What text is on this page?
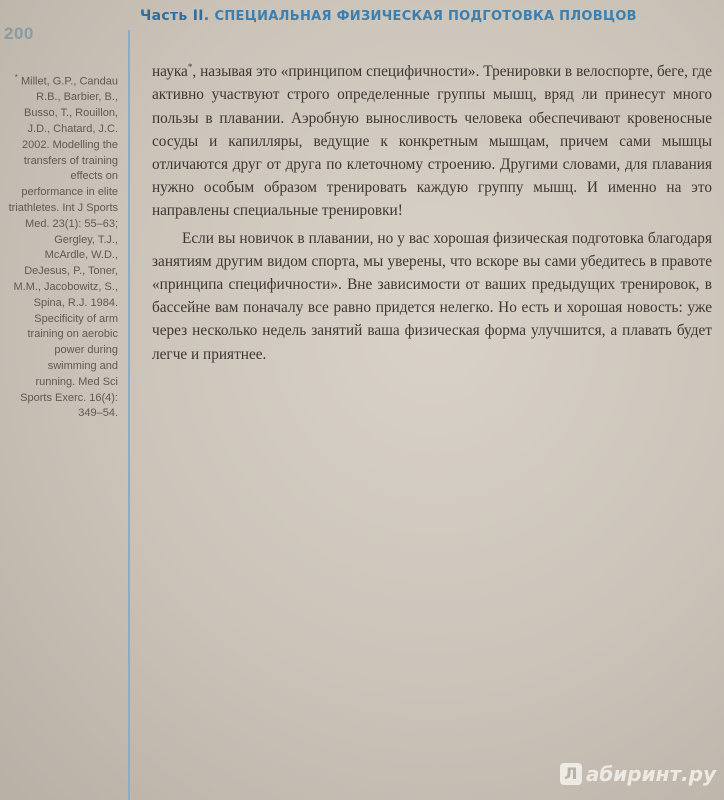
200
Часть II. СПЕЦИАЛЬНАЯ ФИЗИЧЕСКАЯ ПОДГОТОВКА ПЛОВЦОВ
* Millet, G.P., Candau R.B., Barbier, B., Busso, T., Rouillon, J.D., Chatard, J.C. 2002. Modelling the transfers of training effects on performance in elite triathletes. Int J Sports Med. 23(1): 55–63; Gergley, T.J., McArdle, W.D., DeJesus, P., Toner, M.M., Jacobowitz, S., Spina, R.J. 1984. Specificity of arm training on aerobic power during swimming and running. Med Sci Sports Exerc. 16(4): 349–54.

наука*, называя это «принципом специфичности». Тренировки в велоспорте, беге, где активно участвуют строго определенные группы мышц, вряд ли принесут много пользы в плавании. Аэробную выносливость человека обеспечивают кровеносные сосуды и капилляры, ведущие к конкретным мышцам, причем сами мышцы отличаются друг от друга по клеточному строению. Другими словами, для плавания нужно особым образом тренировать каждую группу мышц. И именно на это направлены специальные тренировки!

Если вы новичок в плавании, но у вас хорошая физическая подготовка благодаря занятиям другим видом спорта, мы уверены, что вскоре вы сами убедитесь в правоте «принципа специфичности». Вне зависимости от ваших предыдущих тренировок, в бассейне вам поначалу все равно придется нелегко. Но есть и хорошая новость: уже через несколько недель занятий ваша физическая форма улучшится, а плавать будет легче и приятнее.

Л абиринт.ру
